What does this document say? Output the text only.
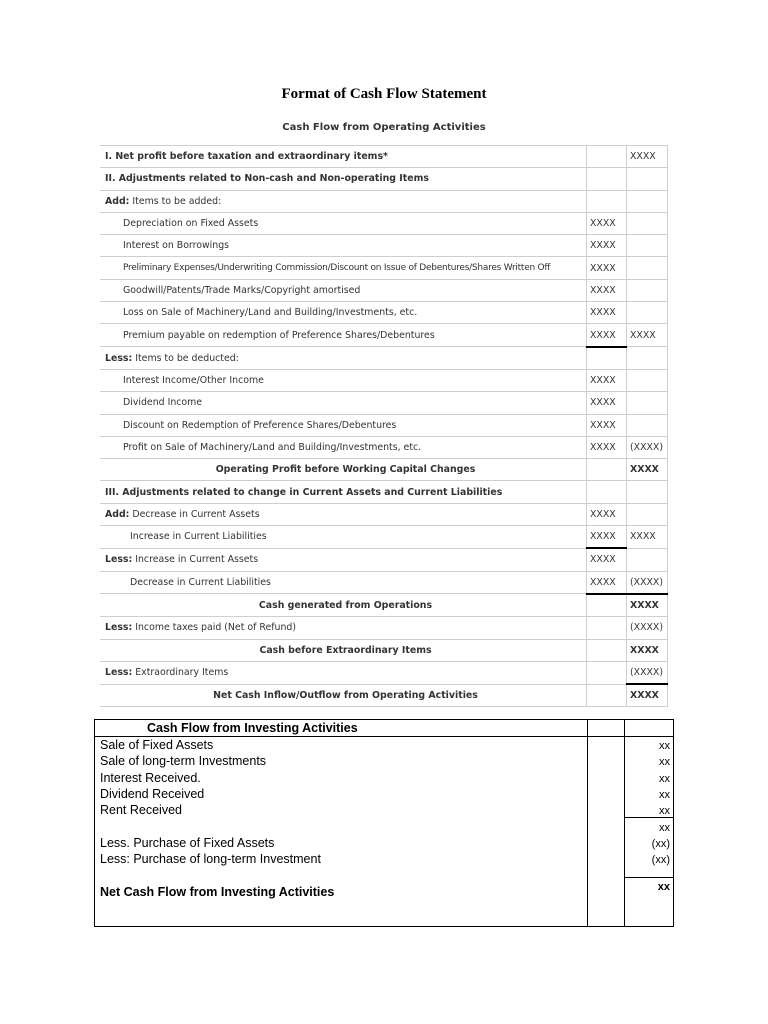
Format of Cash Flow Statement
Cash Flow from Operating Activities
I. Net profit before taxation and extraordinary items*		XXXX
II. Adjustments related to Non-cash and Non-operating Items		
Add: Items to be added:		
Depreciation on Fixed Assets	XXXX	
Interest on Borrowings	XXXX	
Preliminary Expenses/Underwriting Commission/Discount on Issue of Debentures/Shares Written Off	XXXX	
Goodwill/Patents/Trade Marks/Copyright amortised	XXXX	
Loss on Sale of Machinery/Land and Building/Investments, etc.	XXXX	
Premium payable on redemption of Preference Shares/Debentures	XXXX	XXXX
Less: Items to be deducted:		
Interest Income/Other Income	XXXX	
Dividend Income	XXXX	
Discount on Redemption of Preference Shares/Debentures	XXXX	
Profit on Sale of Machinery/Land and Building/Investments, etc.	XXXX	(XXXX)
Operating Profit before Working Capital Changes		XXXX
III. Adjustments related to change in Current Assets and Current Liabilities		
Add: Decrease in Current Assets	XXXX	
Increase in Current Liabilities	XXXX	XXXX
Less: Increase in Current Assets	XXXX	
Decrease in Current Liabilities	XXXX	(XXXX)
Cash generated from Operations		XXXX
Less: Income taxes paid (Net of Refund)		(XXXX)
Cash before Extraordinary Items		XXXX
Less: Extraordinary Items		(XXXX)
Net Cash Inflow/Outflow from Operating Activities		XXXX
Cash Flow from Investing Activities
Sale of Fixed Assets	xx
Sale of long-term Investments	xx
Interest Received.	xx
Dividend Received	xx
Rent Received	xx
xx
Less. Purchase of Fixed Assets	(xx)
Less: Purchase of long-term Investment	(xx)
Net Cash Flow from Investing Activities	xx
